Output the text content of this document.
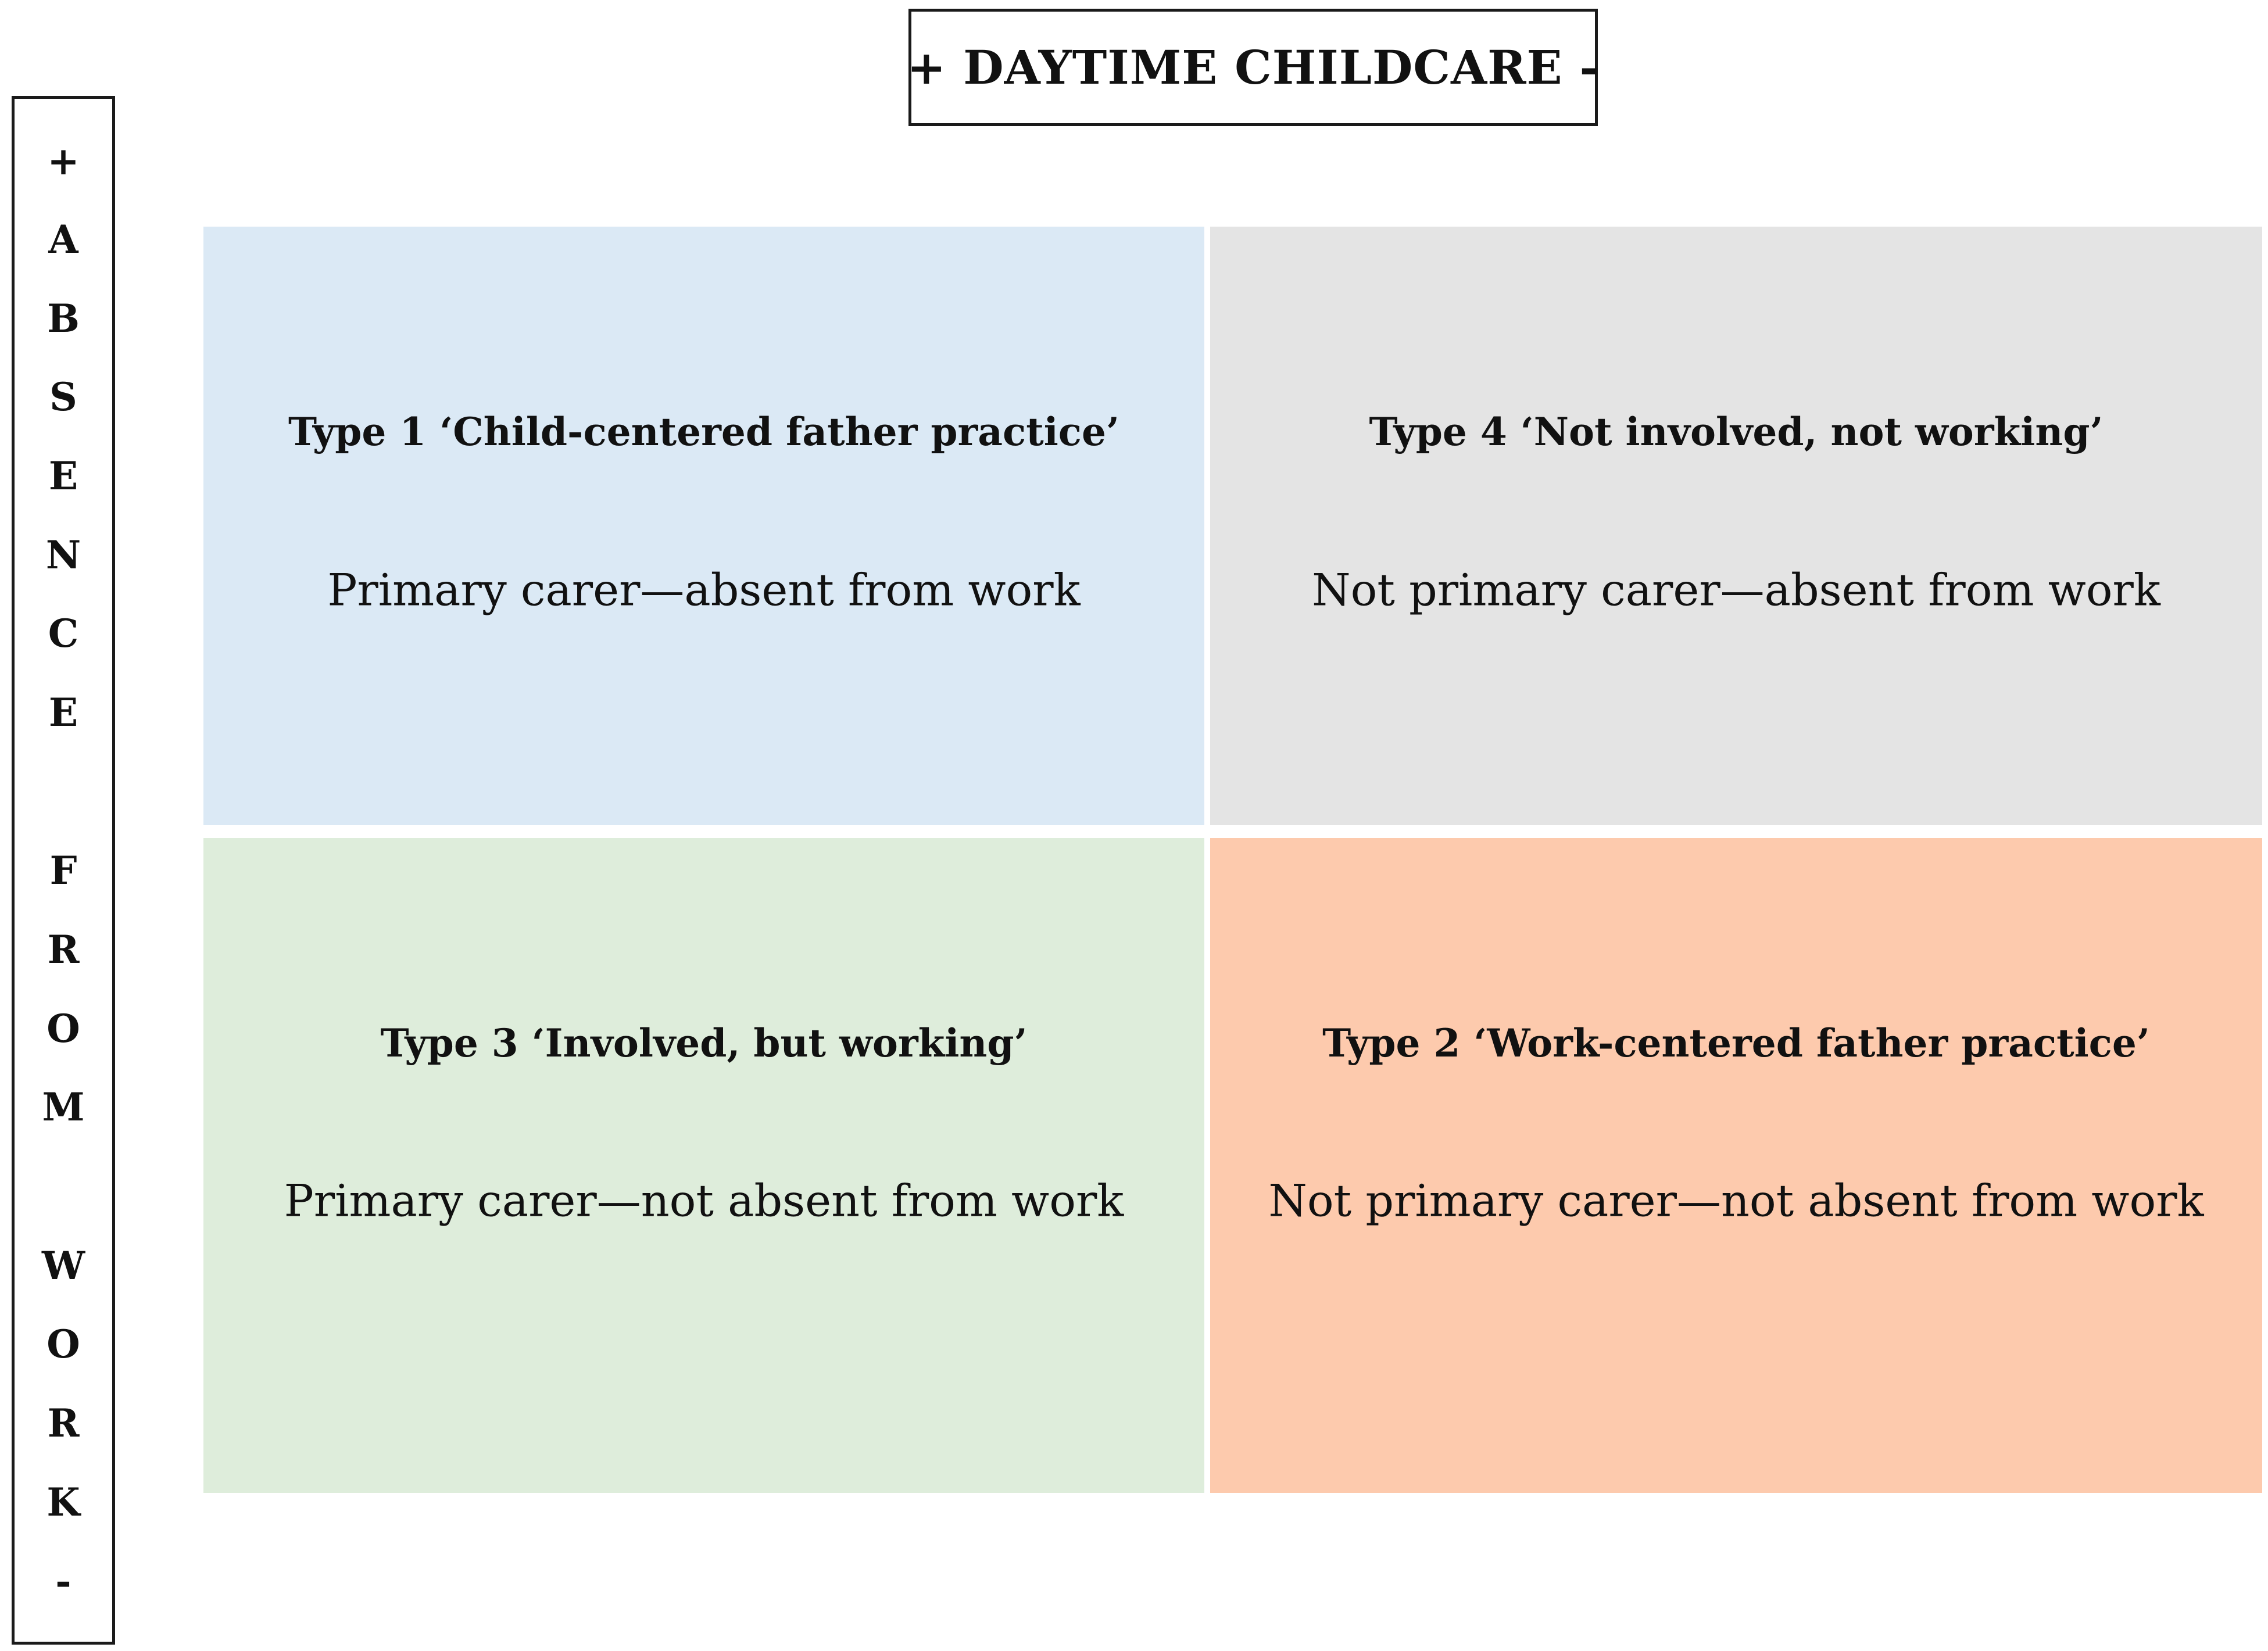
+ DAYTIME CHILDCARE -
+
A
B
S
E
N
C
E
F
R
O
M
W
O
R
K
-
Type 1 ‘Child-centered father practice’
Primary carer—absent from work
Type 4 ‘Not involved, not working’
Not primary carer—absent from work
Type 3 ‘Involved, but working’
Primary carer—not absent from work
Type 2 ‘Work-centered father practice’
Not primary carer—not absent from work
